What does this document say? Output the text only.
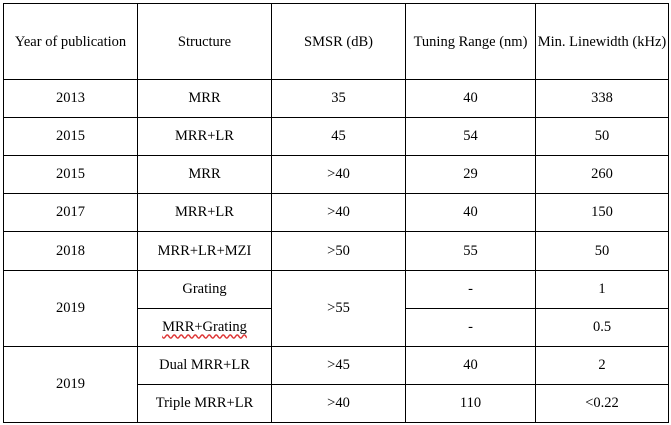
Year of publication	Structure	SMSR (dB)	Tuning Range (nm)	Min. Linewidth (kHz)
2013	MRR	35	40	338
2015	MRR+LR	45	54	50
2015	MRR	>40	29	260
2017	MRR+LR	>40	40	150
2018	MRR+LR+MZI	>50	55	50
2019	Grating	>55	-	1
	MRR+Grating		-	0.5
2019	Dual MRR+LR	>45	40	2
	Triple MRR+LR	>40	110	<0.22
